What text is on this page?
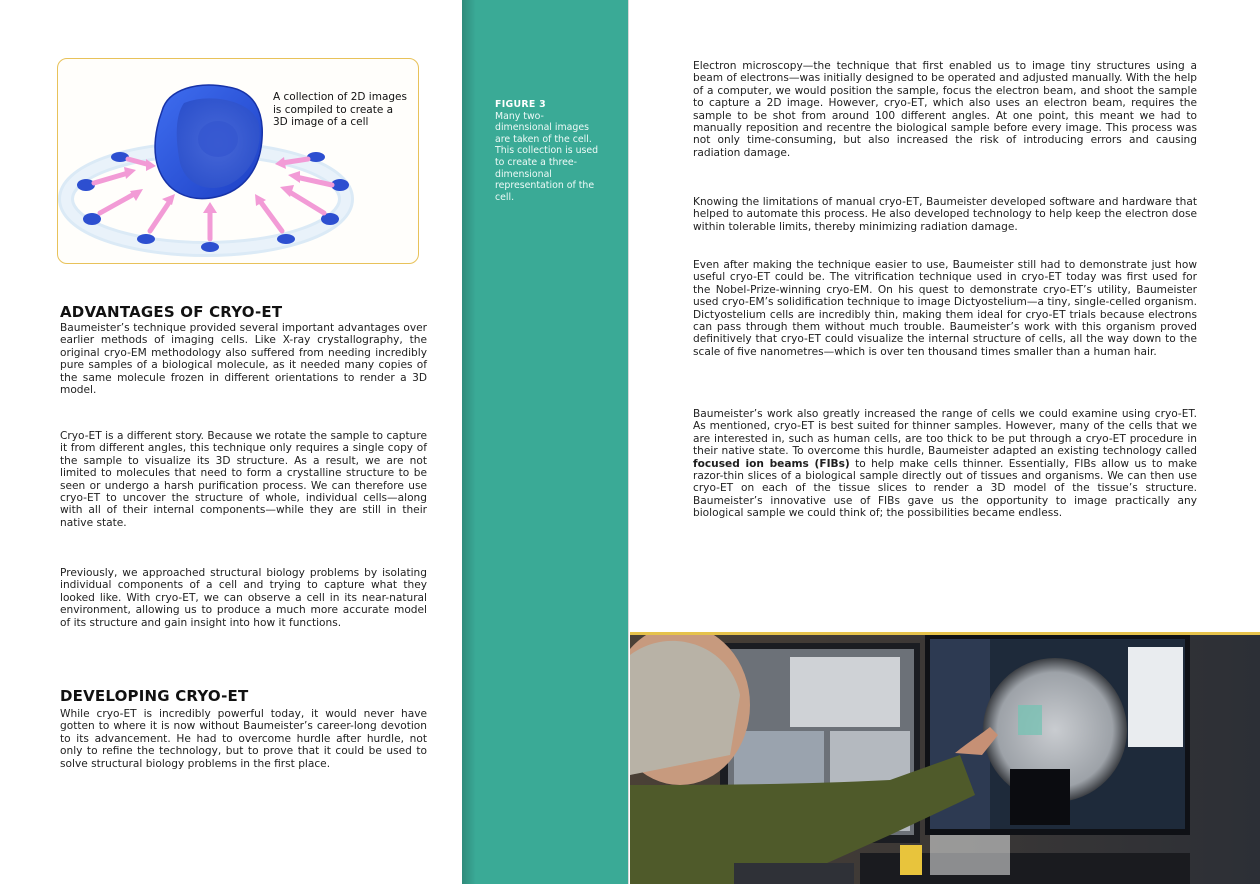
A collection of 2D images is compiled to create a 3D image of a cell
FIGURE 3
Many two-dimensional images are taken of the cell. This collection is used to create a three-dimensional representation of the cell.
ADVANTAGES OF CRYO-ET

Baumeister’s technique provided several important advantages over earlier methods of imaging cells. Like X-ray crystallography, the original cryo-EM methodology also suffered from needing incredibly pure samples of a biological molecule, as it needed many copies of the same molecule frozen in different orientations to render a 3D model.

Cryo-ET is a different story. Because we rotate the sample to capture it from different angles, this technique only requires a single copy of the sample to visualize its 3D structure. As a result, we are not limited to molecules that need to form a crystalline structure to be seen or undergo a harsh purification process. We can therefore use cryo-ET to uncover the structure of whole, individual cells—along with all of their internal components—while they are still in their native state.

Previously, we approached structural biology problems by isolating individual components of a cell and trying to capture what they looked like. With cryo-ET, we can observe a cell in its near-natural environment, allowing us to produce a much more accurate model of its structure and gain insight into how it functions.

DEVELOPING CRYO-ET

While cryo-ET is incredibly powerful today, it would never have gotten to where it is now without Baumeister’s career-long devotion to its advancement. He had to overcome hurdle after hurdle, not only to refine the technology, but to prove that it could be used to solve structural biology problems in the first place.

Electron microscopy—the technique that first enabled us to image tiny structures using a beam of electrons—was initially designed to be operated and adjusted manually. With the help of a computer, we would position the sample, focus the electron beam, and shoot the sample to capture a 2D image. However, cryo-ET, which also uses an electron beam, requires the sample to be shot from around 100 different angles. At one point, this meant we had to manually reposition and recentre the biological sample before every image. This process was not only time-consuming, but also increased the risk of introducing errors and causing radiation damage.

Knowing the limitations of manual cryo-ET, Baumeister developed software and hardware that helped to automate this process. He also developed technology to help keep the electron dose within tolerable limits, thereby minimizing radiation damage.

Even after making the technique easier to use, Baumeister still had to demonstrate just how useful cryo-ET could be. The vitrification technique used in cryo-ET today was first used for the Nobel-Prize-winning cryo-EM. On his quest to demonstrate cryo-ET’s utility, Baumeister used cryo-EM’s solidification technique to image Dictyostelium—a tiny, single-celled organism. Dictyostelium cells are incredibly thin, making them ideal for cryo-ET trials because electrons can pass through them without much trouble. Baumeister’s work with this organism proved definitively that cryo-ET could visualize the internal structure of cells, all the way down to the scale of five nanometres—which is over ten thousand times smaller than a human hair.

Baumeister’s work also greatly increased the range of cells we could examine using cryo-ET. As mentioned, cryo-ET is best suited for thinner samples. However, many of the cells that we are interested in, such as human cells, are too thick to be put through a cryo-ET procedure in their native state. To overcome this hurdle, Baumeister adapted an existing technology called focused ion beams (FIBs) to help make cells thinner. Essentially, FIBs allow us to make razor-thin slices of a biological sample directly out of tissues and organisms. We can then use cryo-ET on each of the tissue slices to render a 3D model of the tissue’s structure. Baumeister’s innovative use of FIBs gave us the opportunity to image practically any biological sample we could think of; the possibilities became endless.
